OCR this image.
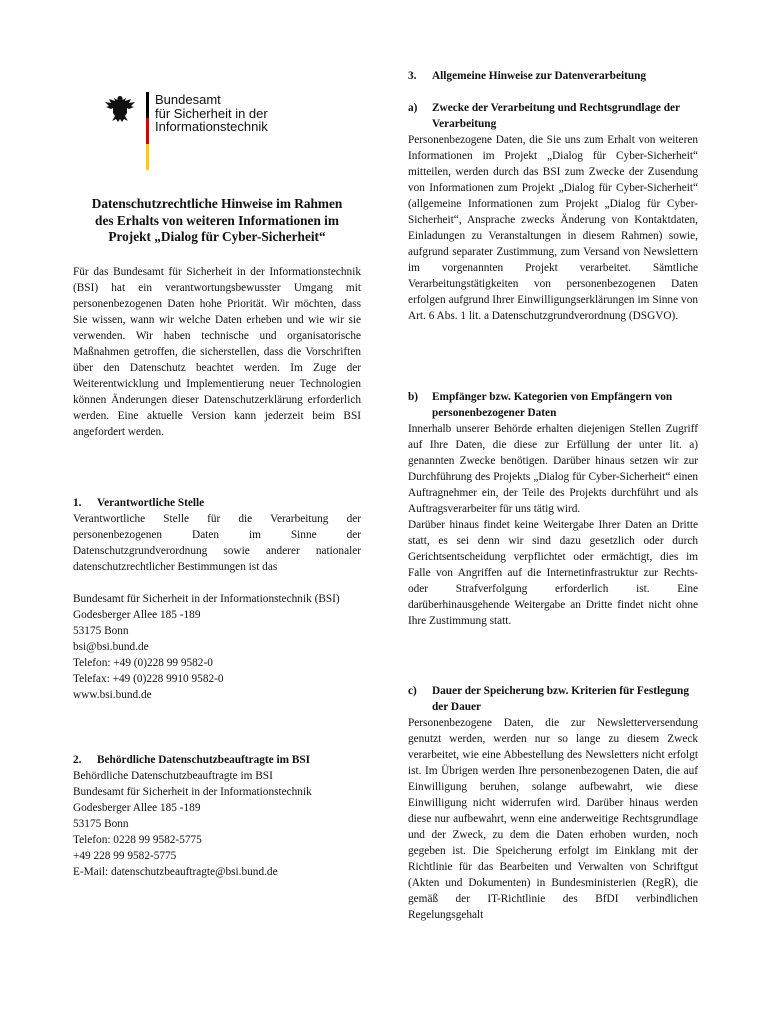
Bundesamt
für Sicherheit in der
Informationstechnik
Datenschutzrechtliche Hinweise im Rahmen
des Erhalts von weiteren Informationen im
Projekt „Dialog für Cyber-Sicherheit“

Für das Bundesamt für Sicherheit in der Informationstechnik (BSI) hat ein verantwortungsbewusster Umgang mit personenbezogenen Daten hohe Priorität. Wir möchten, dass Sie wissen, wann wir welche Daten erheben und wie wir sie verwenden. Wir haben technische und organisatorische Maßnahmen getroffen, die sicherstellen, dass die Vorschriften über den Datenschutz beachtet werden. Im Zuge der Weiterentwicklung und Implementierung neuer Technologien können Änderungen dieser Datenschutzerklärung erforderlich werden. Eine aktuelle Version kann jederzeit beim BSI angefordert werden.

1.	Verantwortliche Stelle

Verantwortliche Stelle für die Verarbeitung der personenbezogenen Daten im Sinne der Datenschutzgrundverordnung sowie anderer nationaler datenschutzrechtlicher Bestimmungen ist das

Bundesamt für Sicherheit in der Informationstechnik (BSI)

Godesberger Allee 185 -189

53175 Bonn

bsi@bsi.bund.de

Telefon: +49 (0)228 99 9582-0

Telefax: +49 (0)228 9910 9582-0

www.bsi.bund.de

2.	Behördliche Datenschutzbeauftragte im BSI

Behördliche Datenschutzbeauftragte im BSI

Bundesamt für Sicherheit in der Informationstechnik

Godesberger Allee 185 -189

53175 Bonn

Telefon: 0228 99 9582-5775

+49 228 99 9582-5775

E-Mail: datenschutzbeauftragte@bsi.bund.de

3.	Allgemeine Hinweise zur Datenverarbeitung
a)	Zwecke der Verarbeitung und Rechtsgrundlage der Verarbeitung

Personenbezogene Daten, die Sie uns zum Erhalt von weiteren Informationen im Projekt „Dialog für Cyber-Sicherheit“ mitteilen, werden durch das BSI zum Zwecke der Zusendung von Informationen zum Projekt „Dialog für Cyber-Sicherheit“ (allgemeine Informationen zum Projekt „Dialog für Cyber-Sicherheit“, Ansprache zwecks Änderung von Kontaktdaten, Einladungen zu Veranstaltungen in diesem Rahmen) sowie, aufgrund separater Zustimmung, zum Versand von Newslettern im vorgenannten Projekt verarbeitet. Sämtliche Verarbeitungstätigkeiten von personenbezogenen Daten erfolgen aufgrund Ihrer Einwilligungserklärungen im Sinne von Art. 6 Abs. 1 lit. a Datenschutzgrundverordnung (DSGVO).

b)	Empfänger bzw. Kategorien von Empfängern von personenbezogener Daten

Innerhalb unserer Behörde erhalten diejenigen Stellen Zugriff auf Ihre Daten, die diese zur Erfüllung der unter lit. a) genannten Zwecke benötigen. Darüber hinaus setzen wir zur Durchführung des Projekts „Dialog für Cyber-Sicherheit“ einen Auftragnehmer ein, der Teile des Projekts durchführt und als Auftragsverarbeiter für uns tätig wird.

Darüber hinaus findet keine Weitergabe Ihrer Daten an Dritte statt, es sei denn wir sind dazu gesetzlich oder durch Gerichtsentscheidung verpflichtet oder ermächtigt, dies im Falle von Angriffen auf die Internetinfrastruktur zur Rechts- oder Strafverfolgung erforderlich ist. Eine darüberhinausgehende Weitergabe an Dritte findet nicht ohne Ihre Zustimmung statt.

c)	Dauer der Speicherung bzw. Kriterien für Festlegung der Dauer

Personenbezogene Daten, die zur Newsletterversendung genutzt werden, werden nur so lange zu diesem Zweck verarbeitet, wie eine Abbestellung des Newsletters nicht erfolgt ist. Im Übrigen werden Ihre personenbezogenen Daten, die auf Einwilligung beruhen, solange aufbewahrt, wie diese Einwilligung nicht widerrufen wird. Darüber hinaus werden diese nur aufbewahrt, wenn eine anderweitige Rechtsgrundlage und der Zweck, zu dem die Daten erhoben wurden, noch gegeben ist. Die Speicherung erfolgt im Einklang mit der Richtlinie für das Bearbeiten und Verwalten von Schriftgut (Akten und Dokumenten) in Bundesministerien (RegR), die gemäß der IT-Richtlinie des BfDI verbindlichen Regelungsgehalt
